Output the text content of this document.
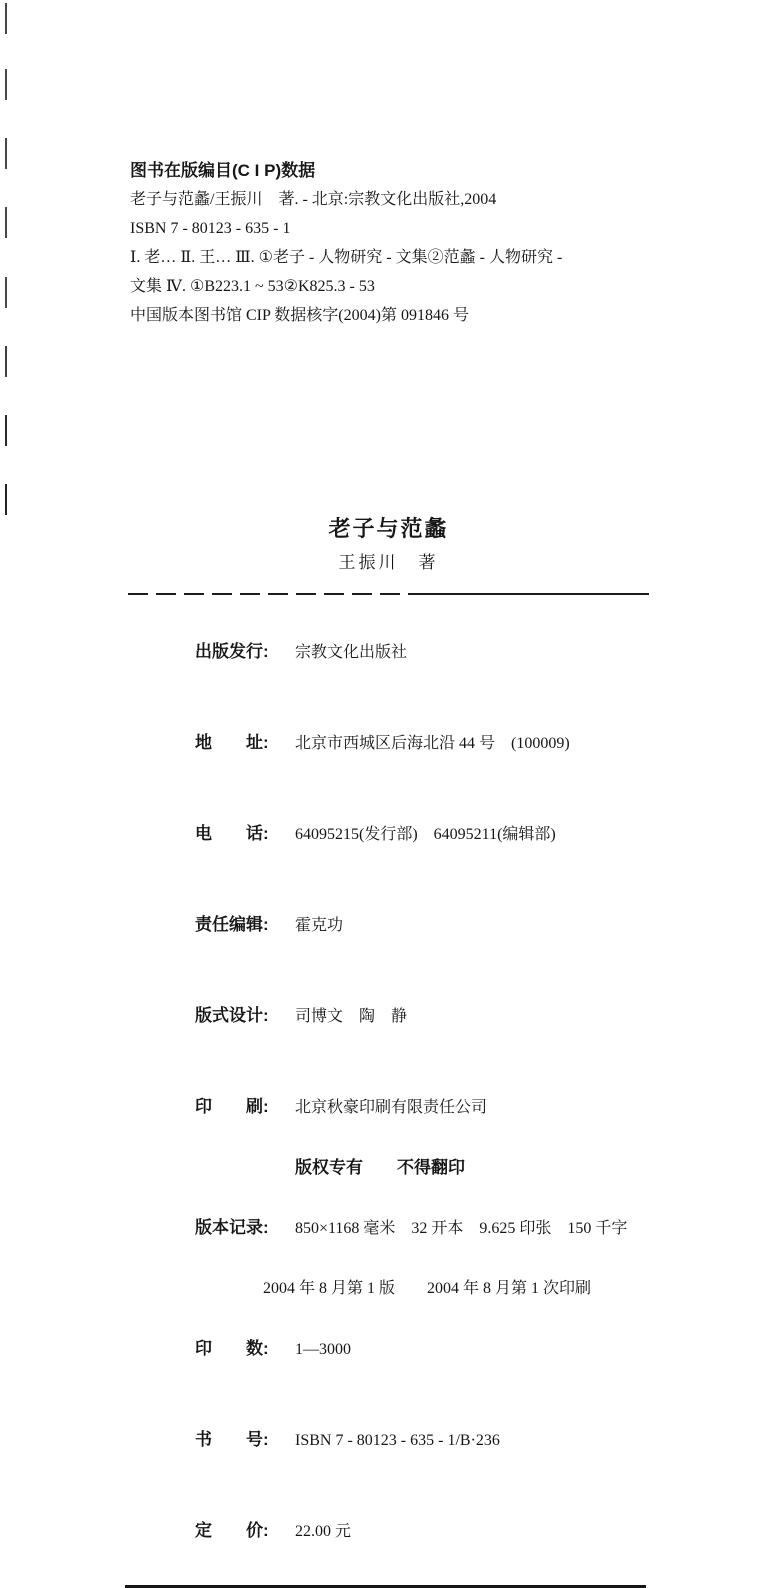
图书在版编目(C I P)数据
老子与范蠡/王振川　著. - 北京:宗教文化出版社,2004
ISBN 7 - 80123 - 635 - 1
Ⅰ. 老… Ⅱ. 王… Ⅲ. ①老子 - 人物研究 - 文集②范蠡 - 人物研究 -
文集 Ⅳ. ①B223.1 ~ 53②K825.3 - 53
中国版本图书馆 CIP 数据核字(2004)第 091846 号
老子与范蠡
王振川　著

出版发行: 宗教文化出版社

地　　址: 北京市西城区后海北沿 44 号　(100009)

电　　话: 64095215(发行部)　64095211(编辑部)

责任编辑: 霍克功

版式设计: 司博文　陶　静

印　　刷: 北京秋豪印刷有限责任公司

版权专有　　不得翻印

版本记录: 850×1168 毫米　32 开本　9.625 印张　150 千字

2004 年 8 月第 1 版　　2004 年 8 月第 1 次印刷

印　　数: 1—3000

书　　号: ISBN 7 - 80123 - 635 - 1/B·236

定　　价: 22.00 元
